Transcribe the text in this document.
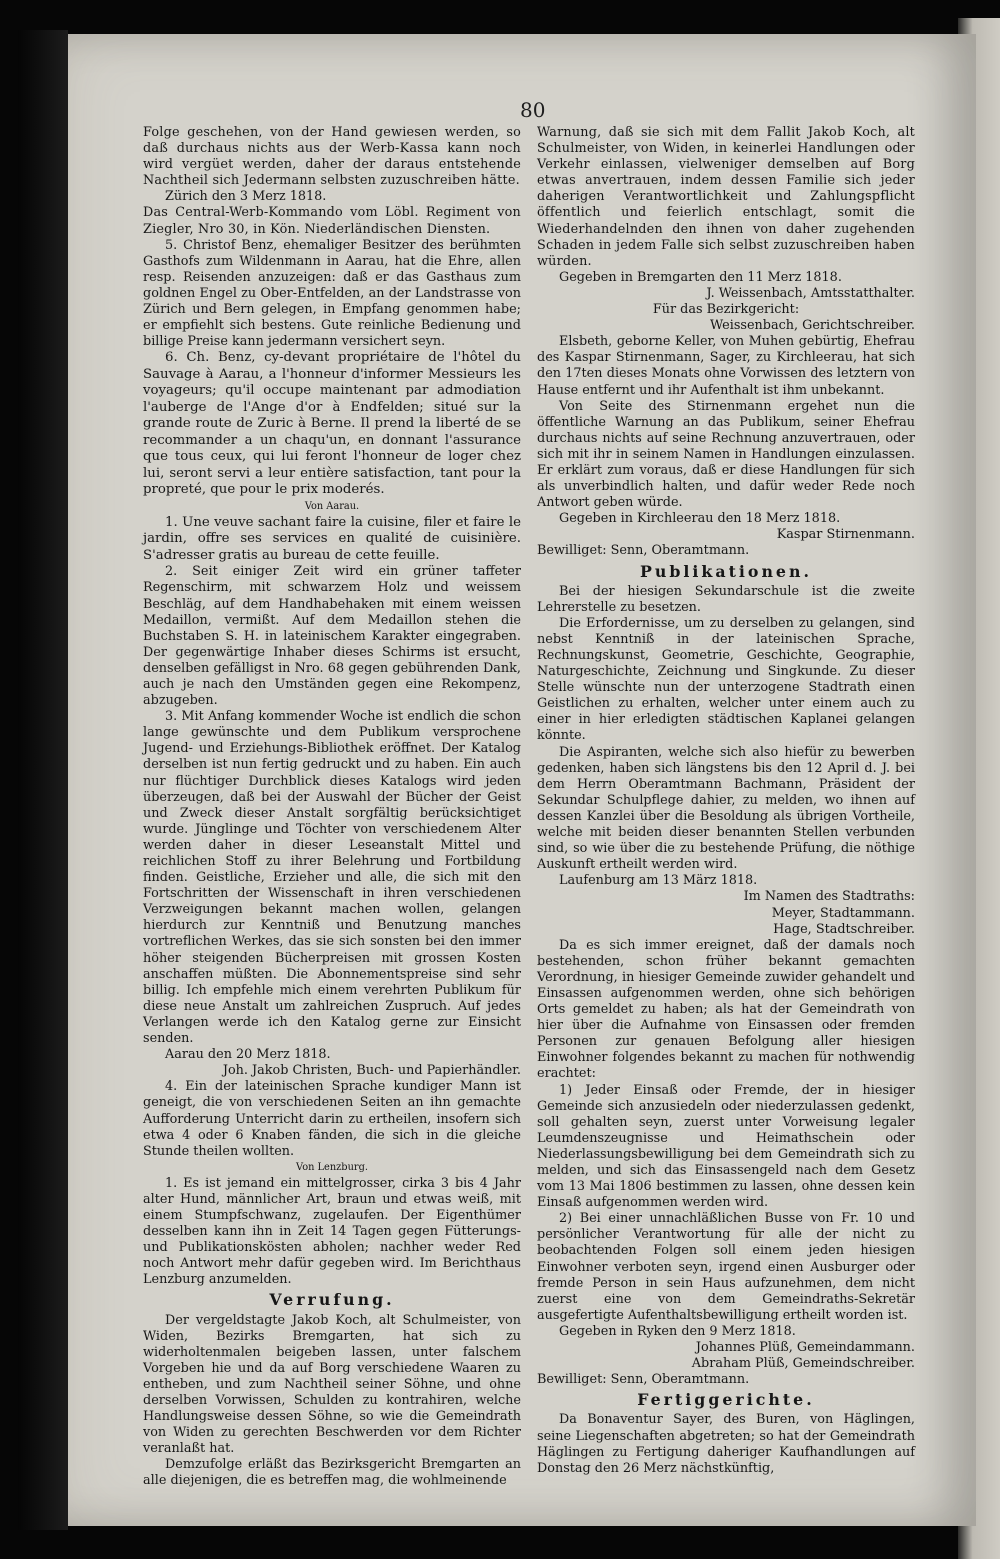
80

Folge geschehen, von der Hand gewiesen werden, so daß durchaus nichts aus der Werb-Kassa kann noch wird vergüet werden, daher der daraus entstehende Nachtheil sich Jedermann selbsten zuzuschreiben hätte.

Zürich den 3 Merz 1818.

Das Central-Werb-Kommando vom Löbl. Regiment von Ziegler, Nro 30, in Kön. Niederländischen Diensten.

5. Christof Benz, ehemaliger Besitzer des berühmten Gasthofs zum Wildenmann in Aarau, hat die Ehre, allen resp. Reisenden anzuzeigen: daß er das Gasthaus zum goldnen Engel zu Ober-Entfelden, an der Landstrasse von Zürich und Bern gelegen, in Empfang genommen habe; er empfiehlt sich bestens. Gute reinliche Bedienung und billige Preise kann jedermann versichert seyn.

6. Ch. Benz, cy-devant propriétaire de l'hôtel du Sauvage à Aarau, a l'honneur d'informer Messieurs les voyageurs; qu'il occupe maintenant par admodiation l'auberge de l'Ange d'or à Endfelden; situé sur la grande route de Zuric à Berne. Il prend la liberté de se recommander a un chaqu'un, en donnant l'assurance que tous ceux, qui lui feront l'honneur de loger chez lui, seront servi a leur entière satisfaction, tant pour la propreté, que pour le prix moderés.

Von Aarau.

1. Une veuve sachant faire la cuisine, filer et faire le jardin, offre ses services en qualité de cuisinière. S'adresser gratis au bureau de cette feuille.

2. Seit einiger Zeit wird ein grüner taffeter Regenschirm, mit schwarzem Holz und weissem Beschläg, auf dem Handhabehaken mit einem weissen Medaillon, vermißt. Auf dem Medaillon stehen die Buchstaben S. H. in lateinischem Karakter eingegraben. Der gegenwärtige Inhaber dieses Schirms ist ersucht, denselben gefälligst in Nro. 68 gegen gebührenden Dank, auch je nach den Umständen gegen eine Rekompenz, abzugeben.

3. Mit Anfang kommender Woche ist endlich die schon lange gewünschte und dem Publikum versprochene Jugend- und Erziehungs-Bibliothek eröffnet. Der Katalog derselben ist nun fertig gedruckt und zu haben. Ein auch nur flüchtiger Durchblick dieses Katalogs wird jeden überzeugen, daß bei der Auswahl der Bücher der Geist und Zweck dieser Anstalt sorgfältig berücksichtiget wurde. Jünglinge und Töchter von verschiedenem Alter werden daher in dieser Leseanstalt Mittel und reichlichen Stoff zu ihrer Belehrung und Fortbildung finden. Geistliche, Erzieher und alle, die sich mit den Fortschritten der Wissenschaft in ihren verschiedenen Verzweigungen bekannt machen wollen, gelangen hierdurch zur Kenntniß und Benutzung manches vortreflichen Werkes, das sie sich sonsten bei den immer höher steigenden Bücherpreisen mit grossen Kosten anschaffen müßten. Die Abonnementspreise sind sehr billig. Ich empfehle mich einem verehrten Publikum für diese neue Anstalt um zahlreichen Zuspruch. Auf jedes Verlangen werde ich den Katalog gerne zur Einsicht senden.

Aarau den 20 Merz 1818.

Joh. Jakob Christen, Buch- und Papierhändler.

4. Ein der lateinischen Sprache kundiger Mann ist geneigt, die von verschiedenen Seiten an ihn gemachte Aufforderung Unterricht darin zu ertheilen, insofern sich etwa 4 oder 6 Knaben fänden, die sich in die gleiche Stunde theilen wollten.

Von Lenzburg.

1. Es ist jemand ein mittelgrosser, cirka 3 bis 4 Jahr alter Hund, männlicher Art, braun und etwas weiß, mit einem Stumpfschwanz, zugelaufen. Der Eigenthümer desselben kann ihn in Zeit 14 Tagen gegen Fütterungs- und Publikationskösten abholen; nachher weder Red noch Antwort mehr dafür gegeben wird. Im Berichthaus Lenzburg anzumelden.

Verrufung.

Der vergeldstagte Jakob Koch, alt Schulmeister, von Widen, Bezirks Bremgarten, hat sich zu widerholtenmalen beigeben lassen, unter falschem Vorgeben hie und da auf Borg verschiedene Waaren zu entheben, und zum Nachtheil seiner Söhne, und ohne derselben Vorwissen, Schulden zu kontrahiren, welche Handlungsweise dessen Söhne, so wie die Gemeindrath von Widen zu gerechten Beschwerden vor dem Richter veranlaßt hat.

Demzufolge erläßt das Bezirksgericht Bremgarten an alle diejenigen, die es betreffen mag, die wohlmeinende

Warnung, daß sie sich mit dem Fallit Jakob Koch, alt Schulmeister, von Widen, in keinerlei Handlungen oder Verkehr einlassen, vielweniger demselben auf Borg etwas anvertrauen, indem dessen Familie sich jeder daherigen Verantwortlichkeit und Zahlungspflicht öffentlich und feierlich entschlagt, somit die Wiederhandelnden den ihnen von daher zugehenden Schaden in jedem Falle sich selbst zuzuschreiben haben würden.

Gegeben in Bremgarten den 11 Merz 1818.

J. Weissenbach, Amtsstatthalter.

Für das Bezirkgericht:

Weissenbach, Gerichtschreiber.

Elsbeth, geborne Keller, von Muhen gebürtig, Ehefrau des Kaspar Stirnenmann, Sager, zu Kirchleerau, hat sich den 17ten dieses Monats ohne Vorwissen des letztern von Hause entfernt und ihr Aufenthalt ist ihm unbekannt.

Von Seite des Stirnenmann ergehet nun die öffentliche Warnung an das Publikum, seiner Ehefrau durchaus nichts auf seine Rechnung anzuvertrauen, oder sich mit ihr in seinem Namen in Handlungen einzulassen. Er erklärt zum voraus, daß er diese Handlungen für sich als unverbindlich halten, und dafür weder Rede noch Antwort geben würde.

Gegeben in Kirchleerau den 18 Merz 1818.

Kaspar Stirnenmann.

Bewilliget: Senn, Oberamtmann.

Publikationen.

Bei der hiesigen Sekundarschule ist die zweite Lehrerstelle zu besetzen.

Die Erfordernisse, um zu derselben zu gelangen, sind nebst Kenntniß in der lateinischen Sprache, Rechnungskunst, Geometrie, Geschichte, Geographie, Naturgeschichte, Zeichnung und Singkunde. Zu dieser Stelle wünschte nun der unterzogene Stadtrath einen Geistlichen zu erhalten, welcher unter einem auch zu einer in hier erledigten städtischen Kaplanei gelangen könnte.

Die Aspiranten, welche sich also hiefür zu bewerben gedenken, haben sich längstens bis den 12 April d. J. bei dem Herrn Oberamtmann Bachmann, Präsident der Sekundar Schulpflege dahier, zu melden, wo ihnen auf dessen Kanzlei über die Besoldung als übrigen Vortheile, welche mit beiden dieser benannten Stellen verbunden sind, so wie über die zu bestehende Prüfung, die nöthige Auskunft ertheilt werden wird.

Laufenburg am 13 März 1818.

Im Namen des Stadtraths:

Meyer, Stadtammann.

Hage, Stadtschreiber.

Da es sich immer ereignet, daß der damals noch bestehenden, schon früher bekannt gemachten Verordnung, in hiesiger Gemeinde zuwider gehandelt und Einsassen aufgenommen werden, ohne sich behörigen Orts gemeldet zu haben; als hat der Gemeindrath von hier über die Aufnahme von Einsassen oder fremden Personen zur genauen Befolgung aller hiesigen Einwohner folgendes bekannt zu machen für nothwendig erachtet:

1) Jeder Einsaß oder Fremde, der in hiesiger Gemeinde sich anzusiedeln oder niederzulassen gedenkt, soll gehalten seyn, zuerst unter Vorweisung legaler Leumdenszeugnisse und Heimathschein oder Niederlassungsbewilligung bei dem Gemeindrath sich zu melden, und sich das Einsassengeld nach dem Gesetz vom 13 Mai 1806 bestimmen zu lassen, ohne dessen kein Einsaß aufgenommen werden wird.

2) Bei einer unnachläßlichen Busse von Fr. 10 und persönlicher Verantwortung für alle der nicht zu beobachtenden Folgen soll einem jeden hiesigen Einwohner verboten seyn, irgend einen Ausburger oder fremde Person in sein Haus aufzunehmen, dem nicht zuerst eine von dem Gemeindraths-Sekretär ausgefertigte Aufenthaltsbewilligung ertheilt worden ist.

Gegeben in Ryken den 9 Merz 1818.

Johannes Plüß, Gemeindammann.

Abraham Plüß, Gemeindschreiber.

Bewilliget: Senn, Oberamtmann.

Fertiggerichte.

Da Bonaventur Sayer, des Buren, von Häglingen, seine Liegenschaften abgetreten; so hat der Gemeindrath Häglingen zu Fertigung daheriger Kaufhandlungen auf Donstag den 26 Merz nächstkünftig,
